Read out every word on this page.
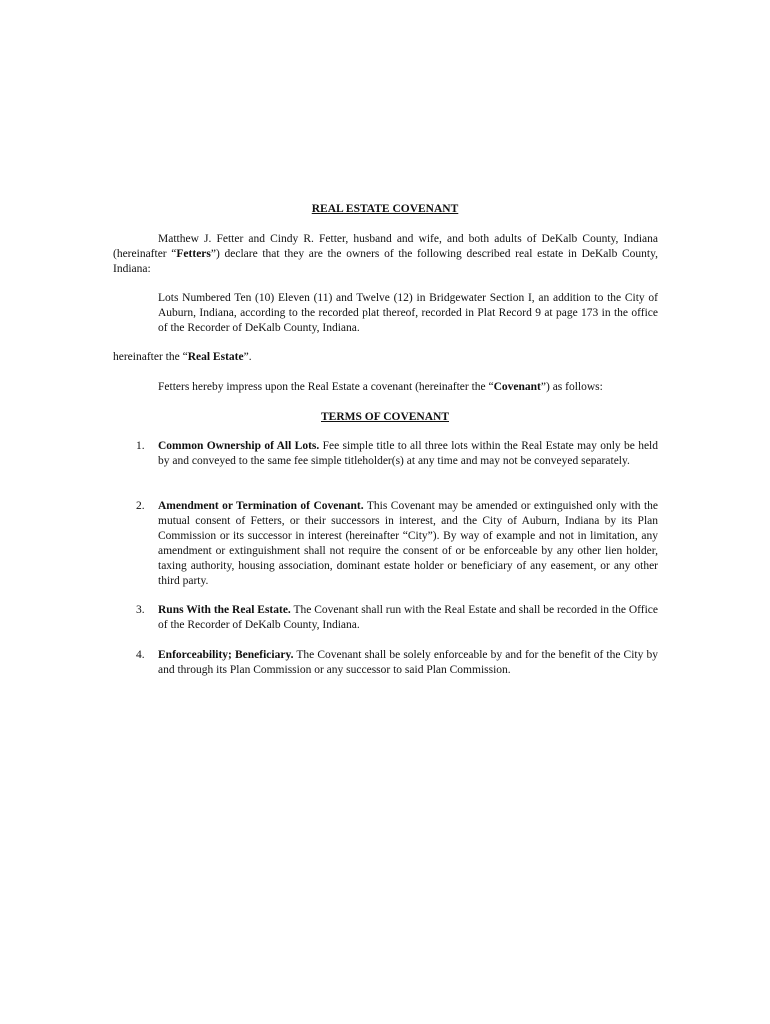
REAL ESTATE COVENANT
Matthew J. Fetter and Cindy R. Fetter, husband and wife, and both adults of DeKalb County, Indiana (hereinafter “Fetters”) declare that they are the owners of the following described real estate in DeKalb County, Indiana:
Lots Numbered Ten (10) Eleven (11) and Twelve (12) in Bridgewater Section I, an addition to the City of Auburn, Indiana, according to the recorded plat thereof, recorded in Plat Record 9 at page 173 in the office of the Recorder of DeKalb County, Indiana.
hereinafter the “Real Estate”.
Fetters hereby impress upon the Real Estate a covenant (hereinafter the “Covenant”) as follows:
TERMS OF COVENANT
1.	Common Ownership of All Lots. Fee simple title to all three lots within the Real Estate may only be held by and conveyed to the same fee simple titleholder(s) at any time and may not be conveyed separately.
2.	Amendment or Termination of Covenant. This Covenant may be amended or extinguished only with the mutual consent of Fetters, or their successors in interest, and the City of Auburn, Indiana by its Plan Commission or its successor in interest (hereinafter “City”). By way of example and not in limitation, any amendment or extinguishment shall not require the consent of or be enforceable by any other lien holder, taxing authority, housing association, dominant estate holder or beneficiary of any easement, or any other third party.
3.	Runs With the Real Estate. The Covenant shall run with the Real Estate and shall be recorded in the Office of the Recorder of DeKalb County, Indiana.
4.	Enforceability; Beneficiary. The Covenant shall be solely enforceable by and for the benefit of the City by and through its Plan Commission or any successor to said Plan Commission.
